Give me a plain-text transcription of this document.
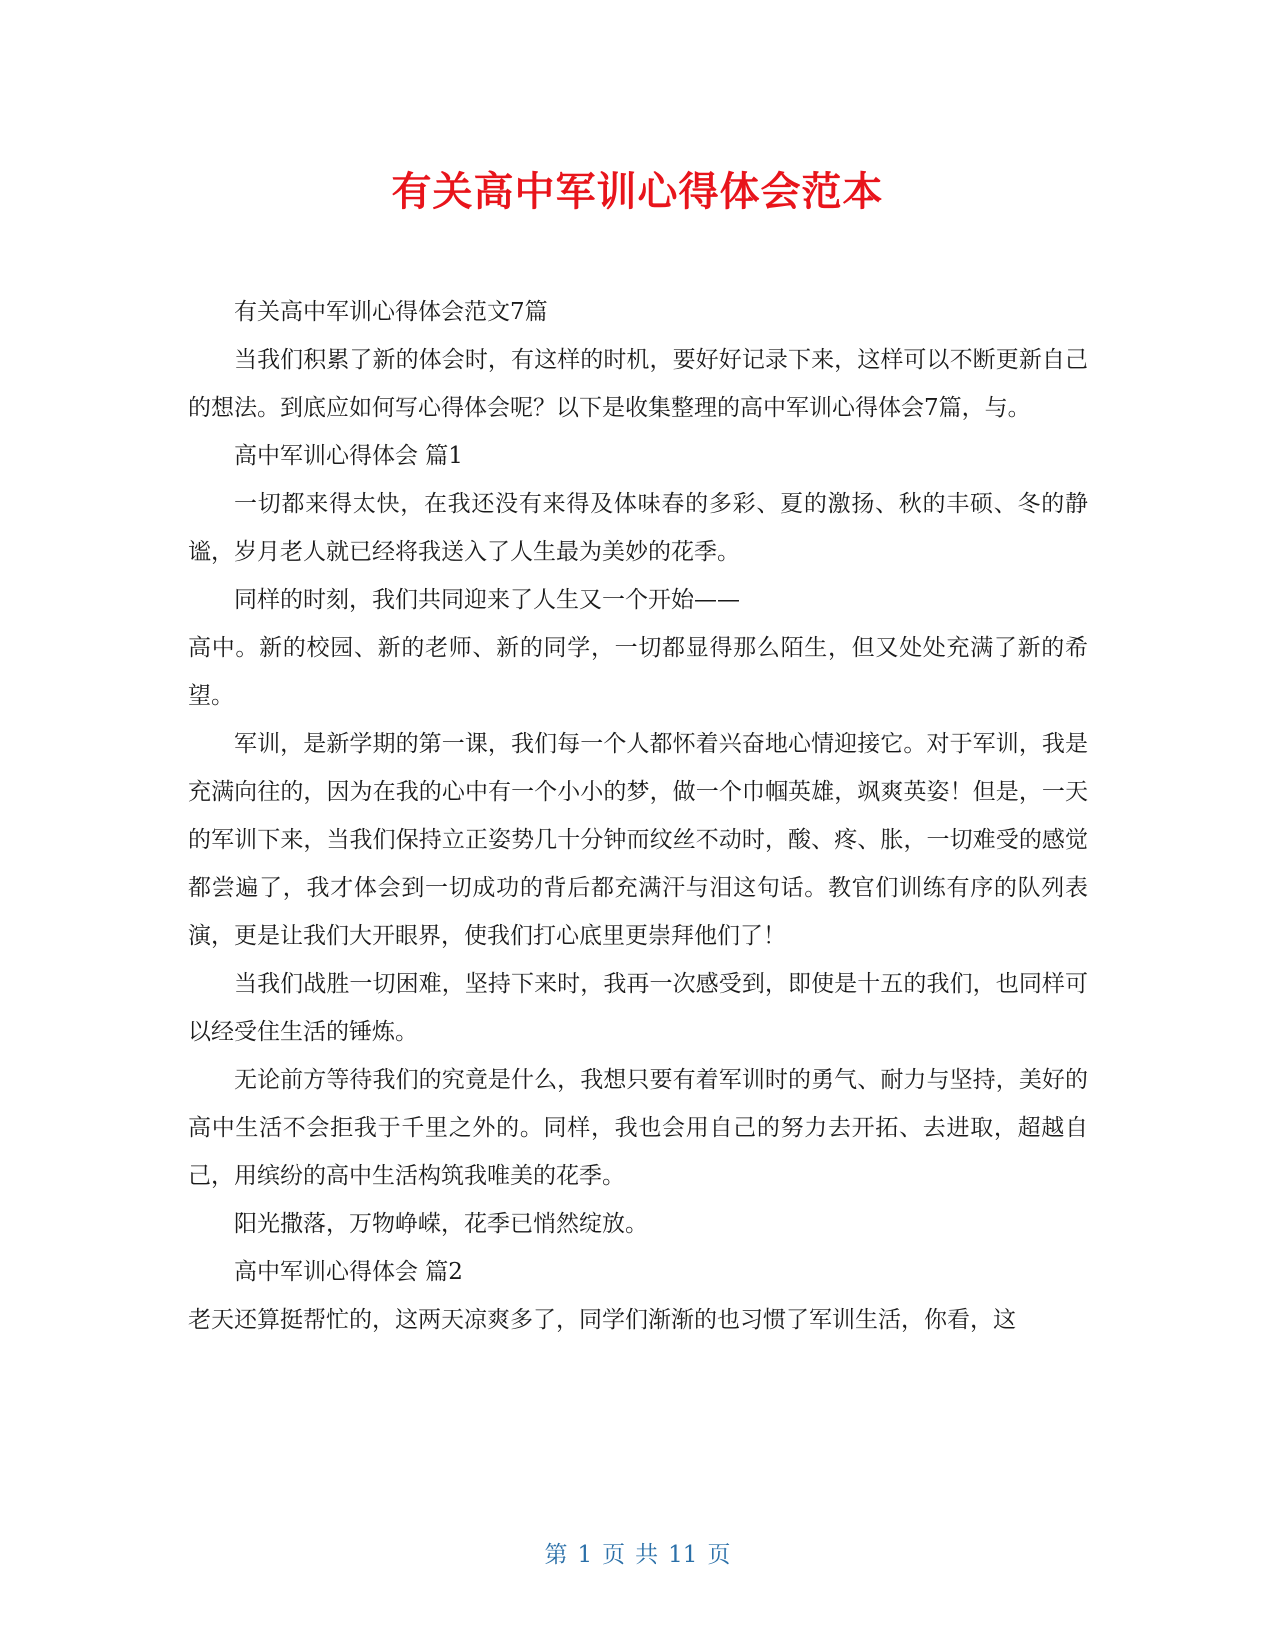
有关高中军训心得体会范本

有关高中军训心得体会范文7篇

当我们积累了新的体会时，有这样的时机，要好好记录下来，这样可以不断更新自己的想法。到底应如何写心得体会呢？以下是收集整理的高中军训心得体会7篇，与。

高中军训心得体会 篇1

一切都来得太快，在我还没有来得及体味春的多彩、夏的激扬、秋的丰硕、冬的静谧，岁月老人就已经将我送入了人生最为美妙的花季。

同样的时刻，我们共同迎来了人生又一个开始——

高中。新的校园、新的老师、新的同学，一切都显得那么陌生，但又处处充满了新的希望。

军训，是新学期的第一课，我们每一个人都怀着兴奋地心情迎接它。对于军训，我是充满向往的，因为在我的心中有一个小小的梦，做一个巾帼英雄，飒爽英姿！但是，一天的军训下来，当我们保持立正姿势几十分钟而纹丝不动时，酸、疼、胀，一切难受的感觉都尝遍了，我才体会到一切成功的背后都充满汗与泪这句话。教官们训练有序的队列表演，更是让我们大开眼界，使我们打心底里更崇拜他们了！

当我们战胜一切困难，坚持下来时，我再一次感受到，即使是十五的我们，也同样可以经受住生活的锤炼。

无论前方等待我们的究竟是什么，我想只要有着军训时的勇气、耐力与坚持，美好的高中生活不会拒我于千里之外的。同样，我也会用自己的努力去开拓、去进取，超越自己，用缤纷的高中生活构筑我唯美的花季。

阳光撒落，万物峥嵘，花季已悄然绽放。

高中军训心得体会 篇2

老天还算挺帮忙的，这两天凉爽多了，同学们渐渐的也习惯了军训生活，你看，这

第 1 页 共 11 页
